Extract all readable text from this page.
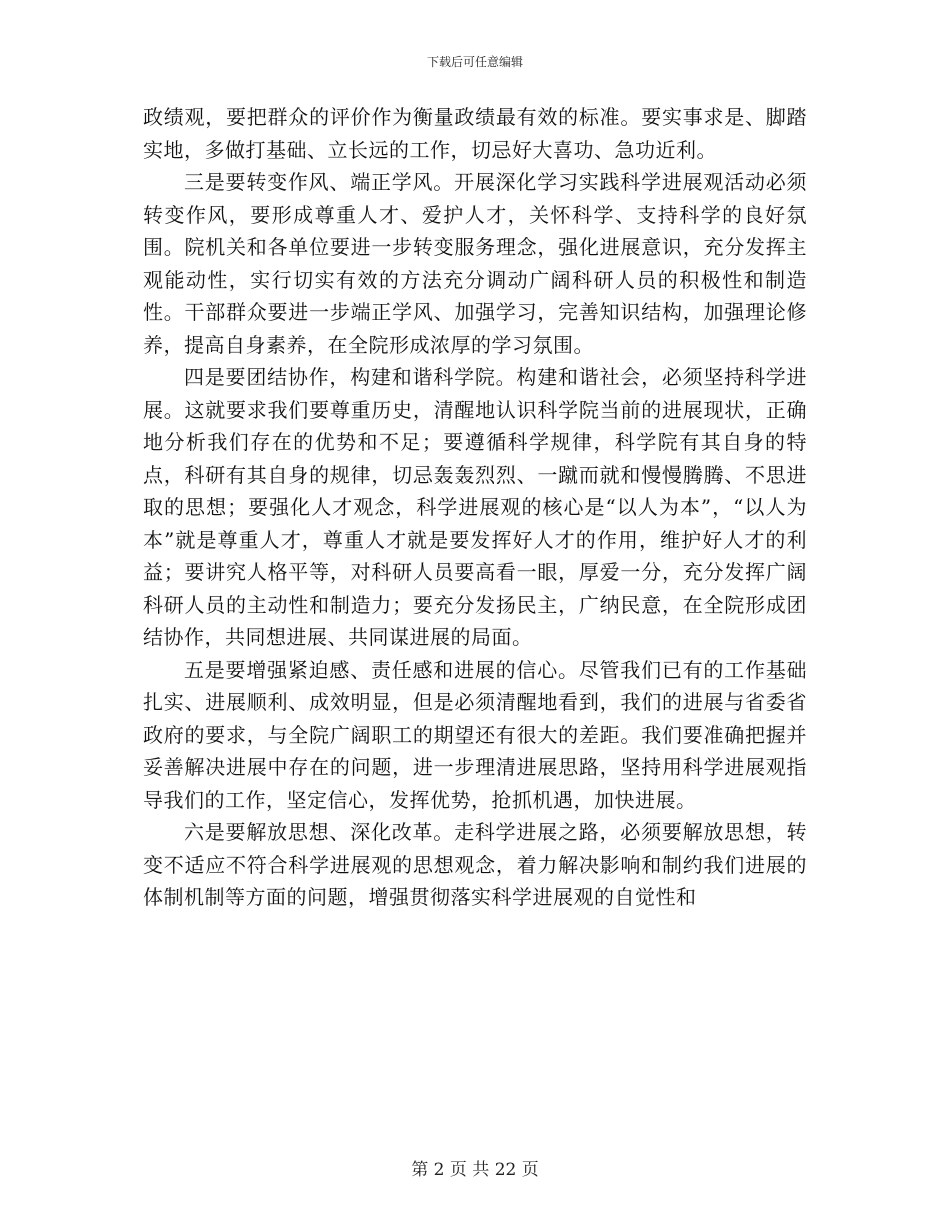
下载后可任意编辑

政绩观，要把群众的评价作为衡量政绩最有效的标准。要实事求是、脚踏实地，多做打基础、立长远的工作，切忌好大喜功、急功近利。

三是要转变作风、端正学风。开展深化学习实践科学进展观活动必须转变作风，要形成尊重人才、爱护人才，关怀科学、支持科学的良好氛围。院机关和各单位要进一步转变服务理念，强化进展意识，充分发挥主观能动性，实行切实有效的方法充分调动广阔科研人员的积极性和制造性。干部群众要进一步端正学风、加强学习，完善知识结构，加强理论修养，提高自身素养，在全院形成浓厚的学习氛围。

四是要团结协作，构建和谐科学院。构建和谐社会，必须坚持科学进展。这就要求我们要尊重历史，清醒地认识科学院当前的进展现状，正确地分析我们存在的优势和不足；要遵循科学规律，科学院有其自身的特点，科研有其自身的规律，切忌轰轰烈烈、一蹴而就和慢慢腾腾、不思进取的思想；要强化人才观念，科学进展观的核心是“以人为本”，“以人为本”就是尊重人才，尊重人才就是要发挥好人才的作用，维护好人才的利益；要讲究人格平等，对科研人员要高看一眼，厚爱一分，充分发挥广阔科研人员的主动性和制造力；要充分发扬民主，广纳民意，在全院形成团结协作，共同想进展、共同谋进展的局面。

五是要增强紧迫感、责任感和进展的信心。尽管我们已有的工作基础扎实、进展顺利、成效明显，但是必须清醒地看到，我们的进展与省委省政府的要求，与全院广阔职工的期望还有很大的差距。我们要准确把握并妥善解决进展中存在的问题，进一步理清进展思路，坚持用科学进展观指导我们的工作，坚定信心，发挥优势，抢抓机遇，加快进展。

六是要解放思想、深化改革。走科学进展之路，必须要解放思想，转变不适应不符合科学进展观的思想观念，着力解决影响和制约我们进展的体制机制等方面的问题，增强贯彻落实科学进展观的自觉性和

第 2 页 共 22 页
